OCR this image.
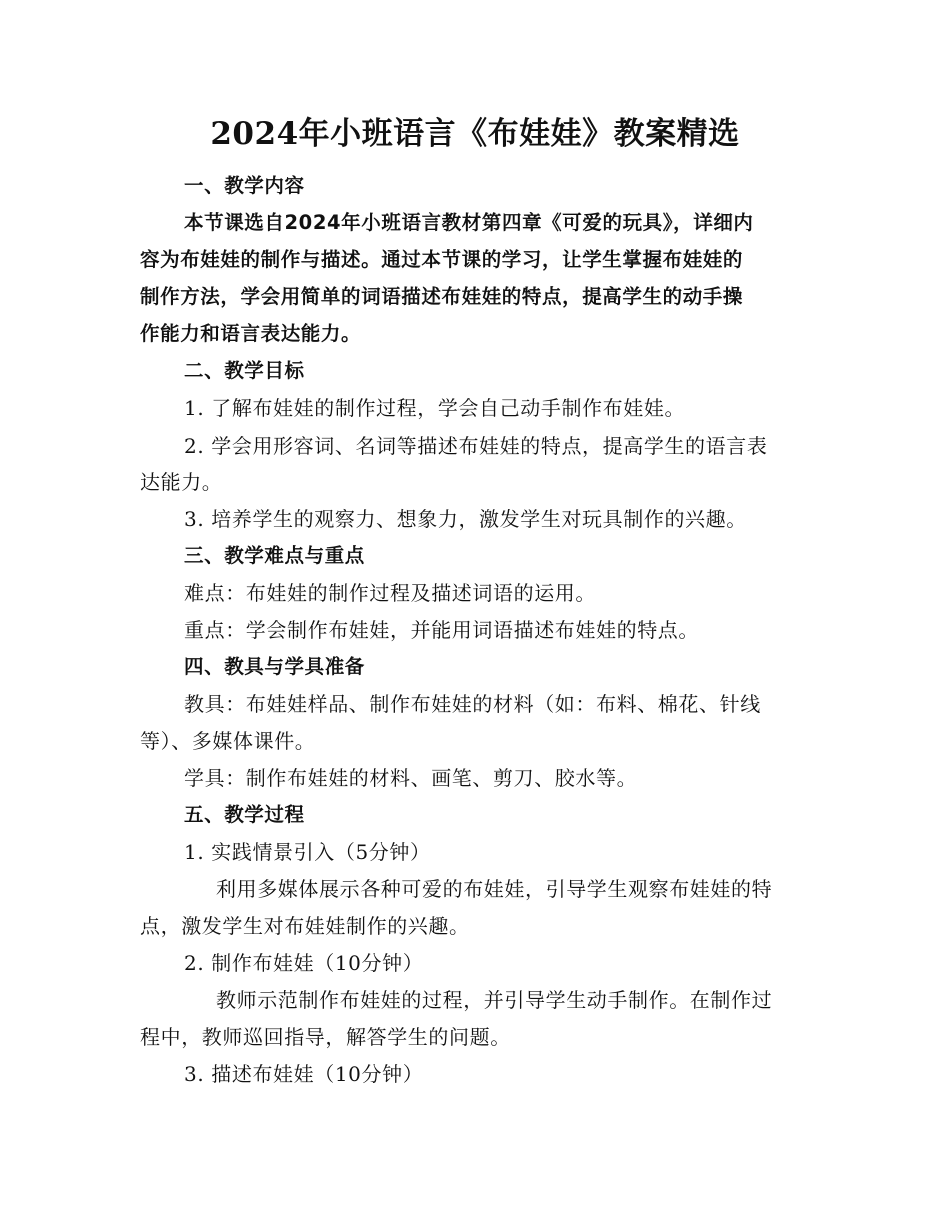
2024年小班语言《布娃娃》教案精选
一、教学内容
本节课选自2024年小班语言教材第四章《可爱的玩具》，详细内
容为布娃娃的制作与描述。通过本节课的学习，让学生掌握布娃娃的
制作方法，学会用简单的词语描述布娃娃的特点，提高学生的动手操
作能力和语言表达能力。
二、教学目标
1. 了解布娃娃的制作过程，学会自己动手制作布娃娃。
2. 学会用形容词、名词等描述布娃娃的特点，提高学生的语言表
达能力。
3. 培养学生的观察力、想象力，激发学生对玩具制作的兴趣。
三、教学难点与重点
难点：布娃娃的制作过程及描述词语的运用。
重点：学会制作布娃娃，并能用词语描述布娃娃的特点。
四、教具与学具准备
教具：布娃娃样品、制作布娃娃的材料（如：布料、棉花、针线
等）、多媒体课件。
学具：制作布娃娃的材料、画笔、剪刀、胶水等。
五、教学过程
1. 实践情景引入（5分钟）
利用多媒体展示各种可爱的布娃娃，引导学生观察布娃娃的特
点，激发学生对布娃娃制作的兴趣。
2. 制作布娃娃（10分钟）
教师示范制作布娃娃的过程，并引导学生动手制作。在制作过
程中，教师巡回指导，解答学生的问题。
3. 描述布娃娃（10分钟）
